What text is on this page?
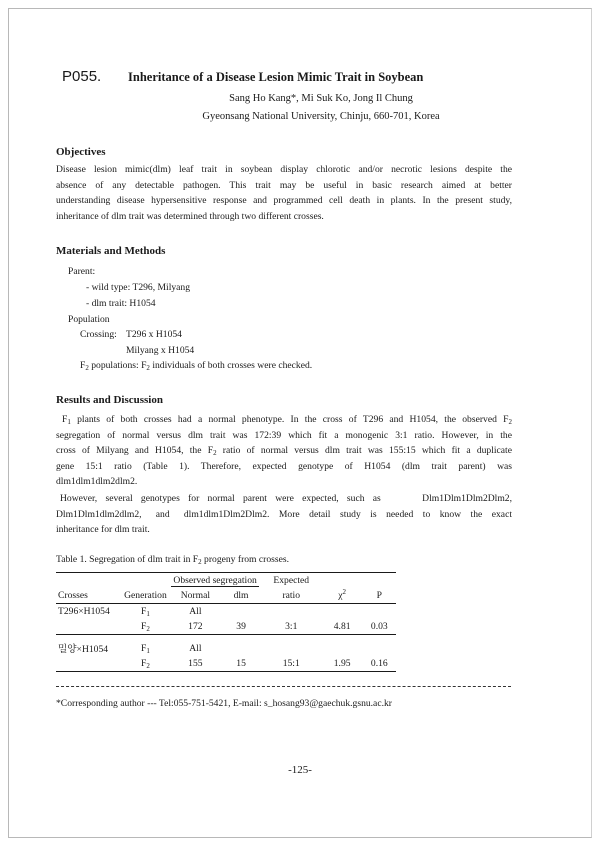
P055. Inheritance of a Disease Lesion Mimic Trait in Soybean
Sang Ho Kang*, Mi Suk Ko, Jong Il Chung
Gyeonsang National University, Chinju, 660-701, Korea
Objectives
Disease lesion mimic(dlm) leaf trait in soybean display chlorotic and/or necrotic lesions despite the
absence of any detectable pathogen. This trait may be useful in basic research aimed at better
understanding disease hypersensitive response and programmed cell death in plants. In the present study,
inheritance of dlm trait was determined through two different crosses.
Materials and Methods
Parent:
- wild type: T296, Milyang
- dlm trait: H1054
Population
Crossing: T296 x H1054
Milyang x H1054
$F_2$ populations: $F_2$ individuals of both crosses were checked.
Results and Discussion
$F_1$ plants of both crosses had a normal phenotype. In the cross of T296 and H1054, the observed $F_2$
segregation of normal versus dlm trait was 172:39 which fit a monogenic 3:1 ratio. However, in the
cross of Milyang and H1054, the $F_2$ ratio of normal versus dlm trait was 155:15 which fit a duplicate
gene 15:1 ratio (Table 1). Therefore, expected genotype of H1054 (dlm trait parent) was
dlm1dlm1dlm2dlm2.
However, several genotypes for normal parent were expected, such as     Dlm1Dlm1Dlm2Dlm2,
Dlm1Dlm1dlm2dlm2,   and   dlm1dlm1Dlm2Dlm2.  More  detail  study  is  needed  to  know  the  exact
inheritance for dlm trait.
Table 1. Segregation of dlm trait in $F_2$ progeny from crosses.
		Observed segregation		Expected		
Crosses	Generation	Normal	dlm	ratio	$\chi^2$	P
T296×H1054	$F_1$	All				
	$F_2$	172	39	3:1	4.81	0.03
밀양×H1054	$F_1$	All				
	$F_2$	155	15	15:1	1.95	0.16
*Corresponding author --- Tel:055-751-5421, E-mail: s_hosang93@gaechuk.gsnu.ac.kr
-125-
